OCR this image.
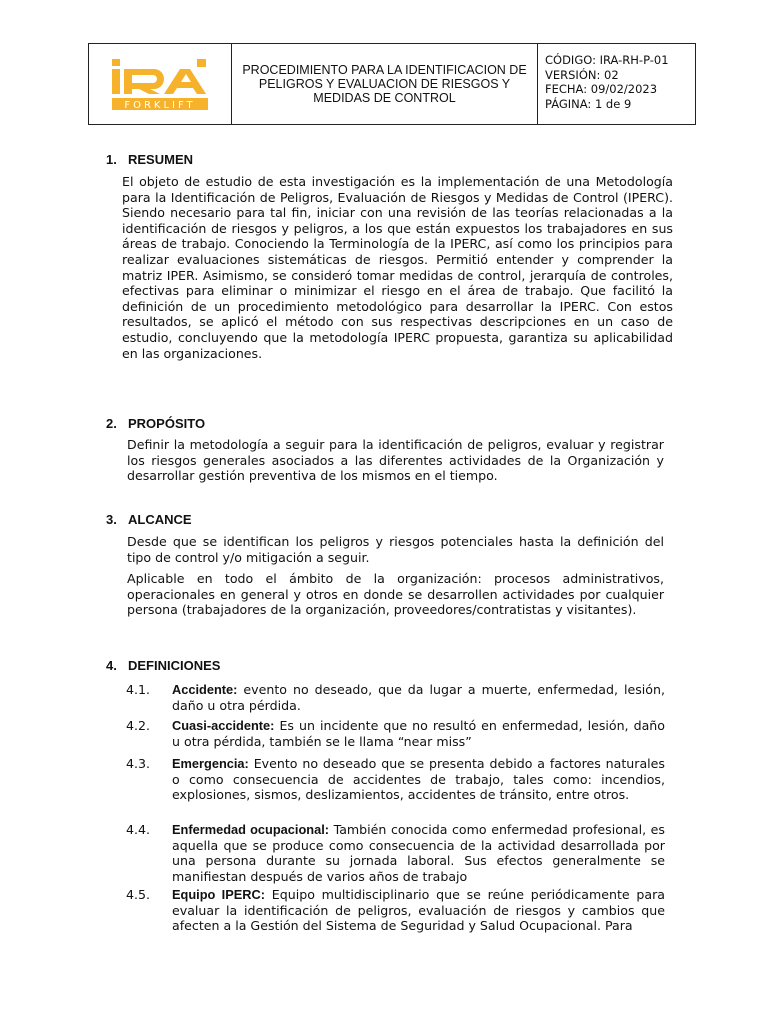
FORKLIFT
PROCEDIMIENTO PARA LA IDENTIFICACION DE PELIGROS Y EVALUACION DE RIESGOS Y MEDIDAS DE CONTROL
CÓDIGO: IRA-RH-P-01
VERSIÓN: 02
FECHA: 09/02/2023
PÁGINA: 1 de 9
1. RESUMEN
El objeto de estudio de esta investigación es la implementación de una Metodología para la Identificación de Peligros, Evaluación de Riesgos y Medidas de Control (IPERC). Siendo necesario para tal fin, iniciar con una revisión de las teorías relacionadas a la identificación de riesgos y peligros, a los que están expuestos los trabajadores en sus áreas de trabajo. Conociendo la Terminología de la IPERC, así como los principios para realizar evaluaciones sistemáticas de riesgos. Permitió entender y comprender la matriz IPER. Asimismo, se consideró tomar medidas de control, jerarquía de controles, efectivas para eliminar o minimizar el riesgo en el área de trabajo. Que facilitó la definición de un procedimiento metodológico para desarrollar la IPERC. Con estos resultados, se aplicó el método con sus respectivas descripciones en un caso de estudio, concluyendo que la metodología IPERC propuesta, garantiza su aplicabilidad en las organizaciones.
2. PROPÓSITO
Definir la metodología a seguir para la identificación de peligros, evaluar y registrar los riesgos generales asociados a las diferentes actividades de la Organización y desarrollar gestión preventiva de los mismos en el tiempo.
3. ALCANCE
Desde que se identifican los peligros y riesgos potenciales hasta la definición del tipo de control y/o mitigación a seguir.
Aplicable en todo el ámbito de la organización: procesos administrativos, operacionales en general y otros en donde se desarrollen actividades por cualquier persona (trabajadores de la organización, proveedores/contratistas y visitantes).
4. DEFINICIONES
4.1. Accidente: evento no deseado, que da lugar a muerte, enfermedad, lesión, daño u otra pérdida.
4.2. Cuasi-accidente: Es un incidente que no resultó en enfermedad, lesión, daño u otra pérdida, también se le llama “near miss”
4.3. Emergencia: Evento no deseado que se presenta debido a factores naturales o como consecuencia de accidentes de trabajo, tales como: incendios, explosiones, sismos, deslizamientos, accidentes de tránsito, entre otros.
4.4. Enfermedad ocupacional: También conocida como enfermedad profesional, es aquella que se produce como consecuencia de la actividad desarrollada por una persona durante su jornada laboral. Sus efectos generalmente se manifiestan después de varios años de trabajo
4.5. Equipo IPERC: Equipo multidisciplinario que se reúne periódicamente para evaluar la identificación de peligros, evaluación de riesgos y cambios que afecten a la Gestión del Sistema de Seguridad y Salud Ocupacional. Para
